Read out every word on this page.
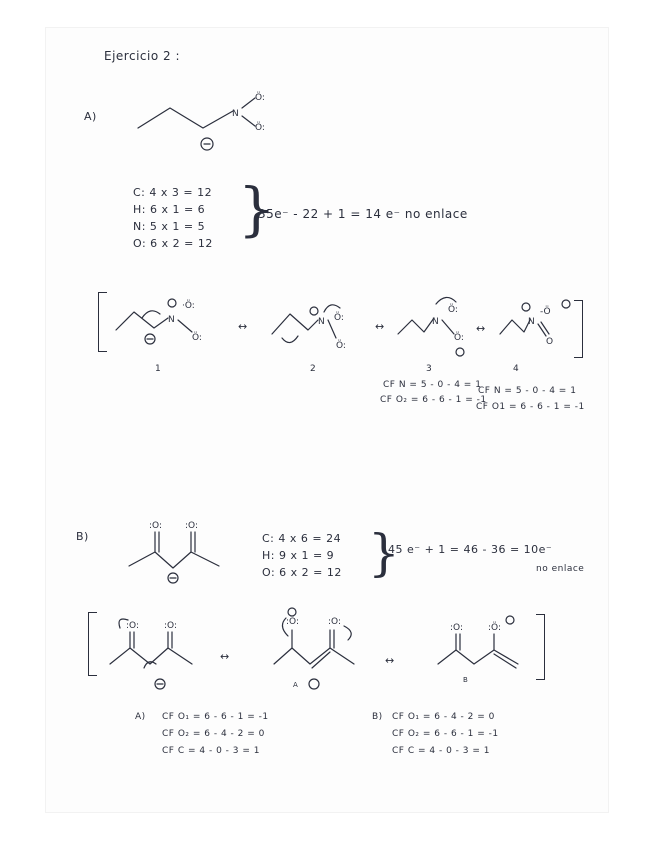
Ejercicio 2 :
A)	N
Ö:
Ö:
C: 4 x 3 = 12
H: 6 x 1 = 6
N: 5 x 1 = 5
O: 6 x 2 = 12
}
35e⁻ - 22 + 1 = 14 e⁻ no enlace
N
·Ö:
Ö:
1
↔	N Ö:
Ö:
2
↔	N
Ö:
Ö:
3
↔	N
-Ö
O
4
CF N = 5 - 0 - 4 = 1
CF O₂ = 6 - 6 - 1 = -1
CF N = 5 - 0 - 4 = 1
CF O1 = 6 - 6 - 1 = -1
B)
:O:	:O:
C: 4 x 6 = 24
H: 9 x 1 = 9
O: 6 x 2 = 12 }
45 e⁻ + 1 = 46 - 36 = 10e⁻
no enlace
:O:	:O:
↔
:Ö:	:O:
A
↔
:O:	:Ö:
B
A) CF O₁ = 6 - 6 - 1 = -1
CF O₂ = 6 - 4 - 2 = 0
CF C = 4 - 0 - 3 = 1
B) CF O₁ = 6 - 4 - 2 = 0
CF O₂ = 6 - 6 - 1 = -1
CF C = 4 - 0 - 3 = 1
